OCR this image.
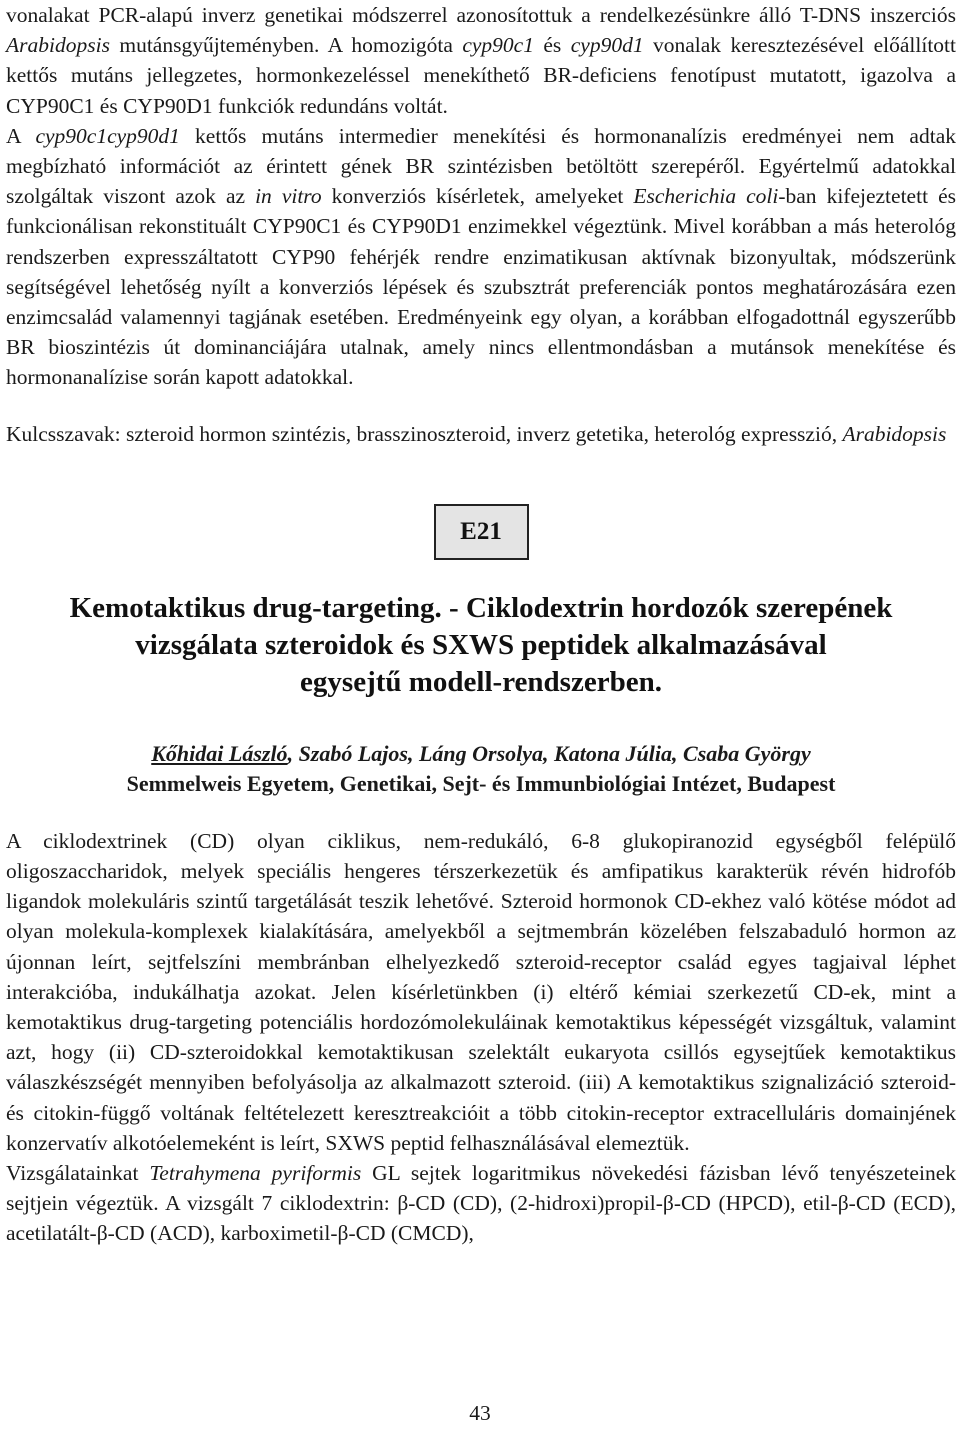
vonalakat PCR-alapú inverz genetikai módszerrel azonosítottuk a rendelkezésünkre álló T-DNS inszerciós Arabidopsis mutánsgyűjteményben. A homozigóta cyp90c1 és cyp90d1 vonalak keresztezésével előállított kettős mutáns jellegzetes, hormonkezeléssel menekíthető BR-deficiens fenotípust mutatott, igazolva a CYP90C1 és CYP90D1 funkciók redundáns voltát.

A cyp90c1cyp90d1 kettős mutáns intermedier menekítési és hormonanalízis eredményei nem adtak megbízható információt az érintett gének BR szintézisben betöltött szerepéről. Egyértelmű adatokkal szolgáltak viszont azok az in vitro konverziós kísérletek, amelyeket Escherichia coli-ban kifejeztetett és funkcionálisan rekonstituált CYP90C1 és CYP90D1 enzimekkel végeztünk. Mivel korábban a más heterológ rendszerben expresszáltatott CYP90 fehérjék rendre enzimatikusan aktívnak bizonyultak, módszerünk segítségével lehetőség nyílt a konverziós lépések és szubsztrát preferenciák pontos meghatározására ezen enzimcsalád valamennyi tagjának esetében. Eredményeink egy olyan, a korábban elfogadottnál egyszerűbb BR bioszintézis út dominanciájára utalnak, amely nincs ellentmondásban a mutánsok menekítése és hormonanalízise során kapott adatokkal.

Kulcsszavak: szteroid hormon szintézis, brasszinoszteroid, inverz getetika, heterológ expresszió, Arabidopsis

E21
Kemotaktikus drug-targeting. - Ciklodextrin hordozók szerepének
vizsgálata szteroidok és SXWS peptidek alkalmazásával
egysejtű modell-rendszerben.

Kőhidai László, Szabó Lajos, Láng Orsolya, Katona Júlia, Csaba György

Semmelweis Egyetem, Genetikai, Sejt- és Immunbiológiai Intézet, Budapest

A ciklodextrinek (CD) olyan ciklikus, nem-redukáló, 6-8 glukopiranozid egységből felépülő oligoszaccharidok, melyek speciális hengeres térszerkezetük és amfipatikus karakterük révén hidrofób ligandok molekuláris szintű targetálását teszik lehetővé. Szteroid hormonok CD-ekhez való kötése módot ad olyan molekula-komplexek kialakítására, amelyekből a sejtmembrán közelében felszabaduló hormon az újonnan leírt, sejtfelszíni membránban elhelyezkedő szteroid-receptor család egyes tagjaival léphet interakcióba, indukálhatja azokat. Jelen kísérletünkben (i) eltérő kémiai szerkezetű CD-ek, mint a kemotaktikus drug-targeting potenciális hordozómolekuláinak kemotaktikus képességét vizsgáltuk, valamint azt, hogy (ii) CD-szteroidokkal kemotaktikusan szelektált eukaryota csillós egysejtűek kemotaktikus válaszkészségét mennyiben befolyásolja az alkalmazott szteroid. (iii) A kemotaktikus szignalizáció szteroid- és citokin-függő voltának feltételezett keresztreakcióit a több citokin-receptor extracelluláris domainjének konzervatív alkotóelemeként is leírt, SXWS peptid felhasználásával elemeztük.

Vizsgálatainkat Tetrahymena pyriformis GL sejtek logaritmikus növekedési fázisban lévő tenyészeteinek sejtjein végeztük. A vizsgált 7 ciklodextrin: β-CD (CD), (2-hidroxi)propil-β-CD (HPCD), etil-β-CD (ECD), acetilatált-β-CD (ACD), karboximetil-β-CD (CMCD),

43
